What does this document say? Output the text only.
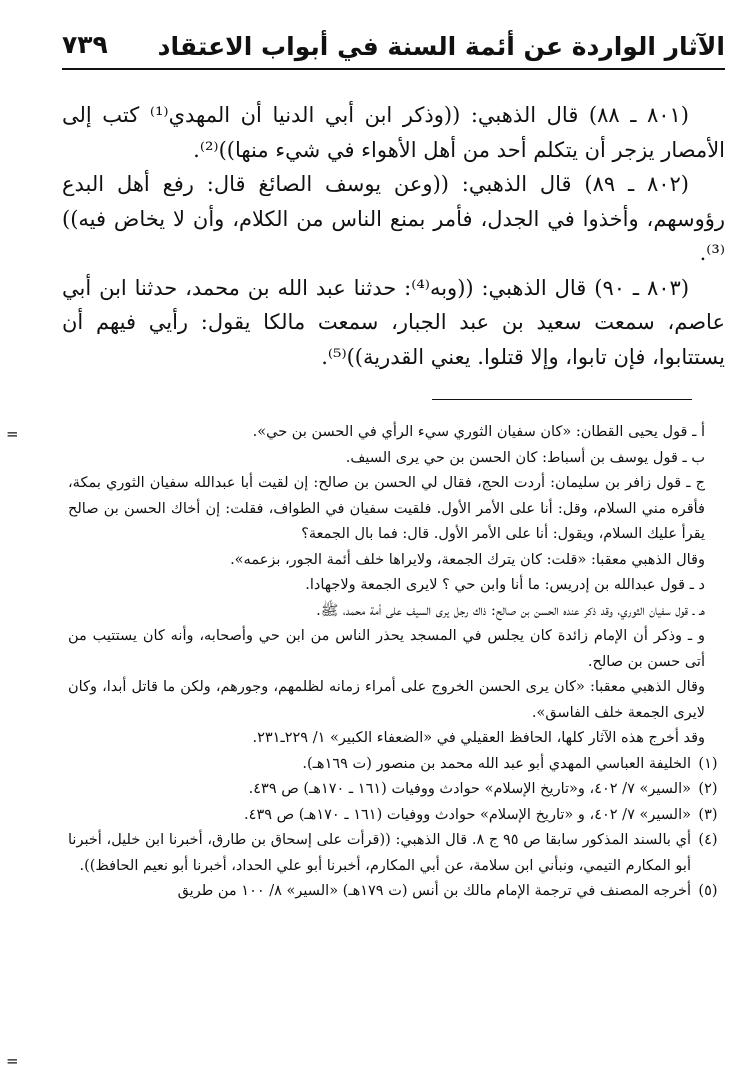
الآثار الواردة عن أئمة السنة في أبواب الاعتقاد
٧٣٩

(٨٠١ ـ ٨٨) قال الذهبي: ((وذكر ابن أبي الدنيا أن المهدي⁽¹⁾ كتب إلى الأمصار يزجر أن يتكلم أحد من أهل الأهواء في شيء منها))⁽²⁾.

(٨٠٢ ـ ٨٩) قال الذهبي: ((وعن يوسف الصائغ قال: رفع أهل البدع رؤوسهم، وأخذوا في الجدل، فأمر بمنع الناس من الكلام، وأن لا يخاض فيه))⁽³⁾.

(٨٠٣ ـ ٩٠) قال الذهبي: ((وبه⁽⁴⁾: حدثنا عبد الله بن محمد، حدثنا ابن أبي عاصم، سمعت سعيد بن عبد الجبار، سمعت مالكا يقول: رأيي فيهم أن يستتابوا، فإن تابوا، وإلا قتلوا. يعني القدرية))⁽⁵⁾.

=	أ ـ قول يحيى القطان: «كان سفيان الثوري سيء الرأي في الحسن بن حي».

ب ـ قول يوسف بن أسباط: كان الحسن بن حي يرى السيف.

ج ـ قول زافر بن سليمان: أردت الحج، فقال لي الحسن بن صالح: إن لقيت أبا عبدالله سفيان الثوري بمكة، فأقره مني السلام، وقل: أنا على الأمر الأول. فلقيت سفيان في الطواف، فقلت: إن أخاك الحسن بن صالح يقرأ عليك السلام، ويقول: أنا على الأمر الأول. قال: فما بال الجمعة؟

وقال الذهبي معقبا: «قلت: كان يترك الجمعة، ولايراها خلف أئمة الجور، بزعمه».

د ـ قول عبدالله بن إدريس: ما أنا وابن حي ؟ لايرى الجمعة ولاجهادا.

هـ ـ قول سفيان الثوري، وقد ذكر عنده الحسن بن صالح: ذاك رجل يرى السيف على أمة محمد، ﷺ.

و ـ وذكر أن الإمام زائدة كان يجلس في المسجد يحذر الناس من ابن حي وأصحابه، وأنه كان يستتيب من أتى حسن بن صالح.

وقال الذهبي معقبا: «كان يرى الحسن الخروج على أمراء زمانه لظلمهم، وجورهم، ولكن ما قاتل أبدا، وكان لايرى الجمعة خلف الفاسق».

وقد أخرج هذه الآثار كلها، الحافظ العقيلي في «الضعفاء الكبير» ١/ ٢٢٩ـ٢٣١.

(١)
الخليفة العباسي المهدي أبو عبد الله محمد بن منصور (ت ١٦٩هـ).
(٢)
«السير» ٧/ ٤٠٢، و«تاريخ الإسلام» حوادث ووفيات (١٦١ ـ ١٧٠هـ) ص ٤٣٩.
(٣)
«السير» ٧/ ٤٠٢، و «تاريخ الإسلام» حوادث ووفيات (١٦١ ـ ١٧٠هـ) ص ٤٣٩.
(٤)
أي بالسند المذكور سابقا ص ٩٥ ج ٨. قال الذهبي: ((قرأت على إسحاق بن طارق، أخبرنا ابن خليل، أخبرنا أبو المكارم التيمي، ونبأني ابن سلامة، عن أبي المكارم، أخبرنا أبو علي الحداد، أخبرنا أبو نعيم الحافظ)).
(٥)
أخرجه المصنف في ترجمة الإمام مالك بن أنس (ت ١٧٩هـ) «السير» ٨/ ١٠٠ من طريق
=
